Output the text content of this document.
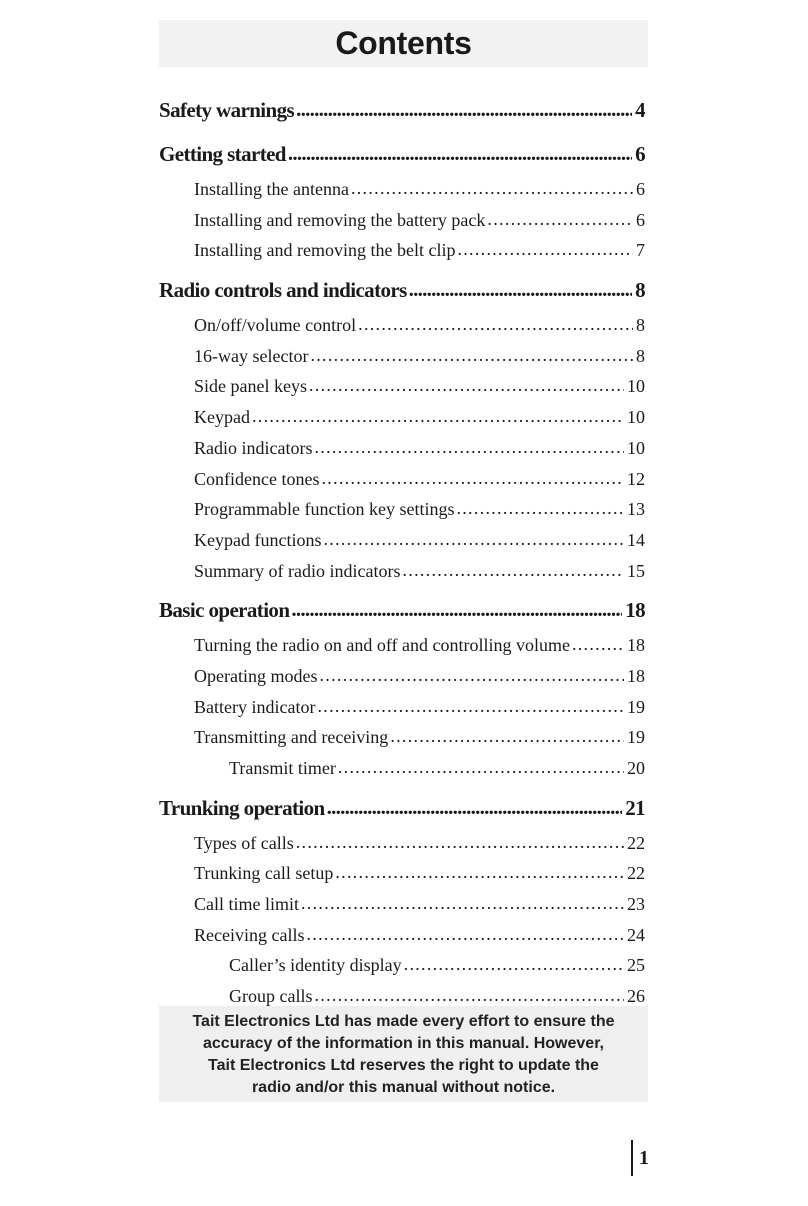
Contents
Safety warnings . . .	4
Getting started . . .	6
Installing the antenna . . .	6
Installing and removing the battery pack . . .	6
Installing and removing the belt clip . . .	7
Radio controls and indicators . . .	8
On/off/volume control . . .	8
16-way selector . . .	8
Side panel keys . . .	10
Keypad . . .	10
Radio indicators . . .	10
Confidence tones . . .	12
Programmable function key settings . . .	13
Keypad functions . . .	14
Summary of radio indicators . . .	15
Basic operation . . .	18
Turning the radio on and off and controlling volume . . .	18
Operating modes . . .	18
Battery indicator . . .	19
Transmitting and receiving . . .	19
Transmit timer . . .	20
Trunking operation . . .	21
Types of calls . . .	22
Trunking call setup . . .	22
Call time limit . . .	23
Receiving calls . . .	24
Caller’s identity display . . .	25
Group calls . . .	26
Tait Electronics Ltd has made every effort to ensure the accuracy of the information in this manual. However, Tait Electronics Ltd reserves the right to update the radio and/or this manual without notice.
1
